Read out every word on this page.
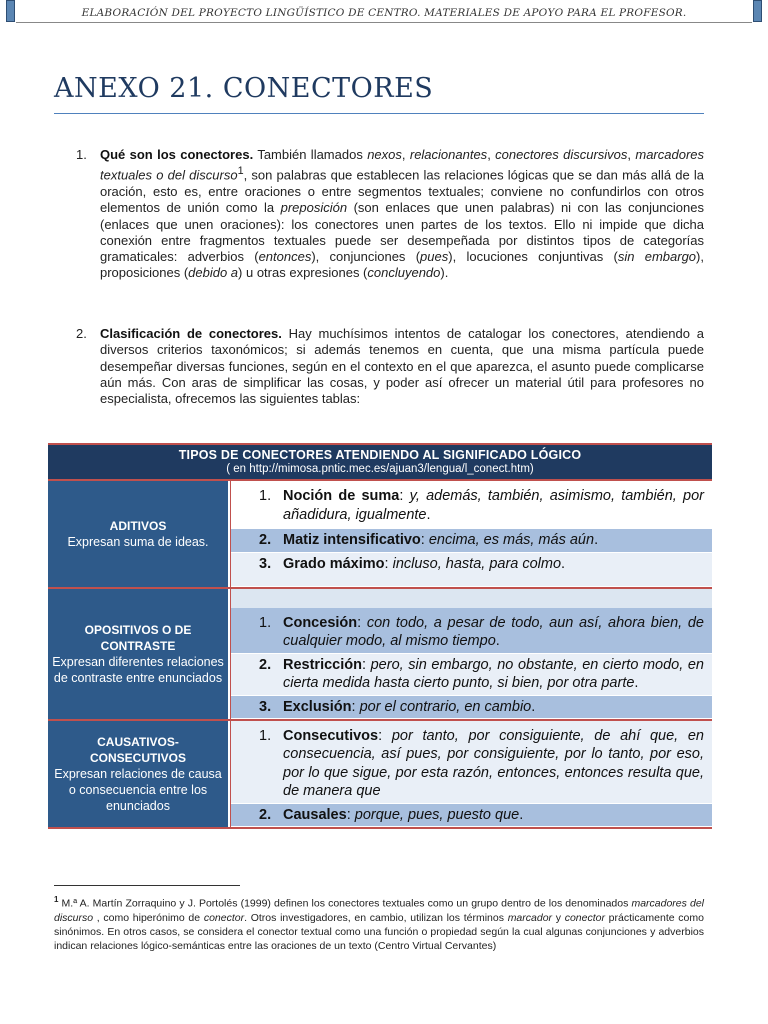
ELABORACIÓN DEL PROYECTO LINGÜÍSTICO DE CENTRO. MATERIALES DE APOYO PARA EL PROFESOR.
ANEXO 21. CONECTORES
1. Qué son los conectores. También llamados nexos, relacionantes, conectores discursivos, marcadores textuales o del discurso$^1$, son palabras que establecen las relaciones lógicas que se dan más allá de la oración, esto es, entre oraciones o entre segmentos textuales; conviene no confundirlos con otros elementos de unión como la preposición (son enlaces que unen palabras) ni con las conjunciones (enlaces que unen oraciones): los conectores unen partes de los textos. Ello ni impide que dicha conexión entre fragmentos textuales puede ser desempeñada por distintos tipos de categorías gramaticales: adverbios (entonces), conjunciones (pues), locuciones conjuntivas (sin embargo), proposiciones (debido a) u otras expresiones (concluyendo).
2. Clasificación de conectores. Hay muchísimos intentos de catalogar los conectores, atendiendo a diversos criterios taxonómicos; si además tenemos en cuenta, que una misma partícula puede desempeñar diversas funciones, según en el contexto en el que aparezca, el asunto puede complicarse aún más. Con aras de simplificar las cosas, y poder así ofrecer un material útil para profesores no especialista, ofrecemos las siguientes tablas:
TIPOS DE CONECTORES ATENDIENDO AL SIGNIFICADO LÓGICO
( en http://mimosa.pntic.mec.es/ajuan3/lengua/l_conect.htm)
ADITIVOS
Expresan suma de ideas.
1. Noción de suma: y, además, también, asimismo, también, por añadidura, igualmente.
2. Matiz intensificativo: encima, es más, más aún.
3. Grado máximo: incluso, hasta, para colmo.
OPOSITIVOS O DE CONTRASTE
Expresan diferentes relaciones de contraste entre enunciados
1. Concesión: con todo, a pesar de todo, aun así, ahora bien, de cualquier modo, al mismo tiempo.
2. Restricción: pero, sin embargo, no obstante, en cierto modo, en cierta medida hasta cierto punto, si bien, por otra parte.
3. Exclusión: por el contrario, en cambio.
CAUSATIVOS-CONSECUTIVOS
Expresan relaciones de causa o consecuencia entre los enunciados
1. Consecutivos: por tanto, por consiguiente, de ahí que, en consecuencia, así pues, por consiguiente, por lo tanto, por eso, por lo que sigue, por esta razón, entonces, entonces resulta que, de manera que
2. Causales: porque, pues, puesto que.
$^1$ M.ª A. Martín Zorraquino y J. Portolés (1999) definen los conectores textuales como un grupo dentro de los denominados marcadores del discurso , como hiperónimo de conector. Otros investigadores, en cambio, utilizan los términos marcador y conector prácticamente como sinónimos. En otros casos, se considera el conector textual como una función o propiedad según la cual algunas conjunciones y adverbios indican relaciones lógico-semánticas entre las oraciones de un texto (Centro Virtual Cervantes)
